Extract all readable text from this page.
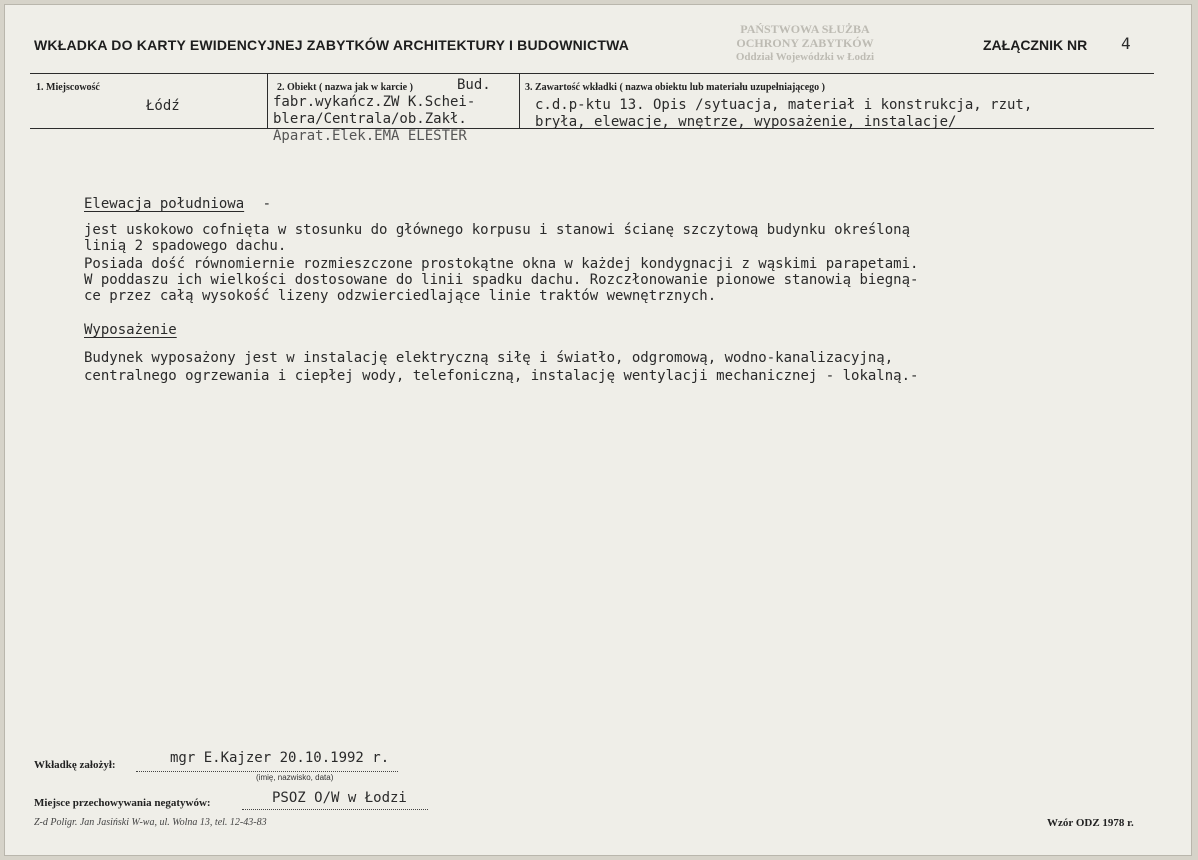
WKŁADKA DO KARTY EWIDENCYJNEJ ZABYTKÓW ARCHITEKTURY I BUDOWNICTWA
PAŃSTWOWA SŁUŻBA
OCHRONY ZABYTKÓW
Oddział Wojewódzki w Łodzi
ZAŁĄCZNIK NR 4
1. Miejscowość
Łódź
2. Obiekt ( nazwa jak w karcie )	Bud.
fabr.wykańcz.ZW K.Schei-
blera/Centrala/ob.Zakł.
Aparat.Elek.EMA ELESTER
3. Zawartość wkładki ( nazwa obiektu lub materiału uzupełniającego )
c.d.p-ktu 13. Opis /sytuacja, materiał i konstrukcja, rzut,
bryła, elewacje, wnętrze, wyposażenie, instalacje/
Elewacja południowa -
jest uskokowo cofnięta w stosunku do głównego korpusu i stanowi ścianę szczytową budynku określoną
linią 2 spadowego dachu.
Posiada dość równomiernie rozmieszczone prostokątne okna w każdej kondygnacji z wąskimi parapetami.
W poddaszu ich wielkości dostosowane do linii spadku dachu. Rozczłonowanie pionowe stanowią biegną-
ce przez całą wysokość lizeny odzwierciedlające linie traktów wewnętrznych.
Wyposażenie
Budynek wyposażony jest w instalację elektryczną siłę i światło, odgromową, wodno-kanalizacyjną,
centralnego ogrzewania i ciepłej wody, telefoniczną, instalację wentylacji mechanicznej - lokalną.-
Wkładkę założył:	mgr E.Kajzer 20.10.1992 r.
(imię, nazwisko, data)
Miejsce przechowywania negatywów:	PSOZ O/W w Łodzi
Z-d Poligr. Jan Jasiński W-wa, ul. Wolna 13, tel. 12-43-83	Wzór ODZ 1978 r.
